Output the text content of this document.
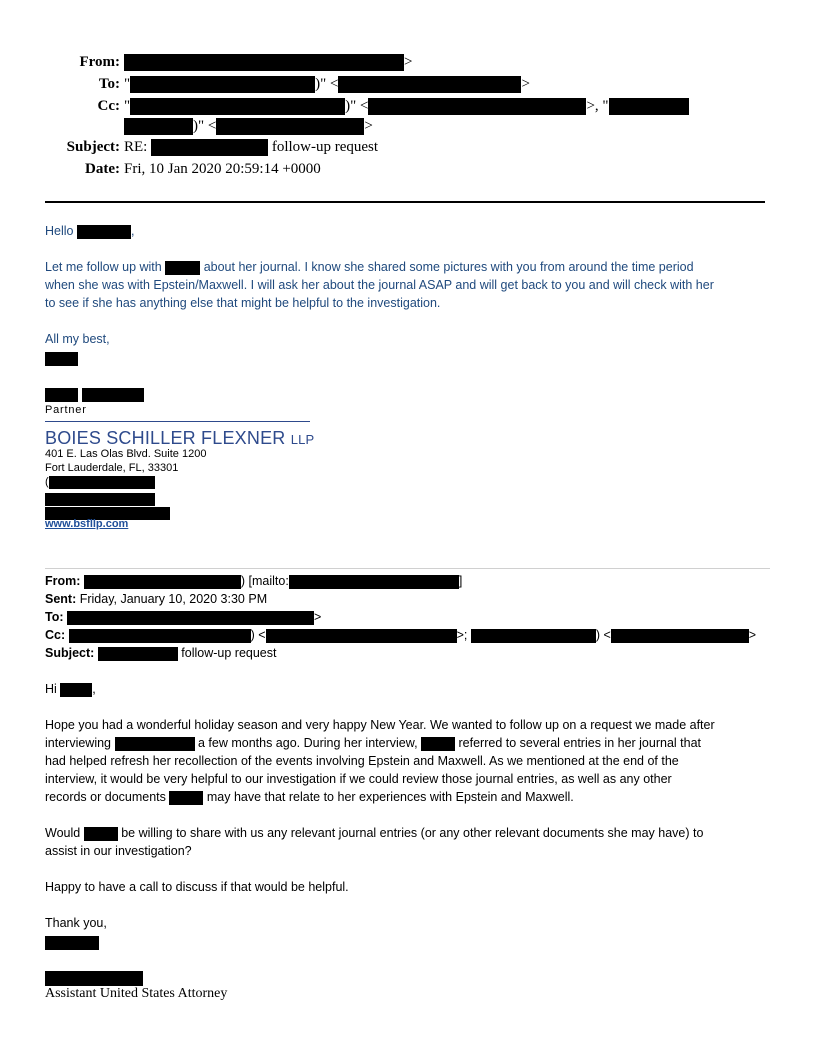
From:	>
To: "	)" <	>
Cc: "	)" <	>, "
)" <	>
Subject: RE:	follow-up request
Date: Fri, 10 Jan 2020 20:59:14 +0000
Hello	,
Let me follow up with	about her journal. I know she shared some pictures with you from around the time period
when she was with Epstein/Maxwell. I will ask her about the journal ASAP and will get back to you and will check with her
to see if she has anything else that might be helpful to the investigation.
All my best,

Partner
BOIES SCHILLER FLEXNER LLP
401 E. Las Olas Blvd. Suite 1200
Fort Lauderdale, FL, 33301
(
www.bsfllp.com
From:	) [mailto:	]
Sent: Friday, January 10, 2020 3:30 PM
To:	>
Cc:	) <	>;	) <	>
Subject:	follow-up request
Hi	,
Hope you had a wonderful holiday season and very happy New Year. We wanted to follow up on a request we made after
interviewing	a few months ago. During her interview,	referred to several entries in her journal that
had helped refresh her recollection of the events involving Epstein and Maxwell. As we mentioned at the end of the
interview, it would be very helpful to our investigation if we could review those journal entries, as well as any other
records or documents	may have that relate to her experiences with Epstein and Maxwell.
Would	be willing to share with us any relevant journal entries (or any other relevant documents she may have) to
assist in our investigation?
Happy to have a call to discuss if that would be helpful.
Thank you,
Assistant United States Attorney
